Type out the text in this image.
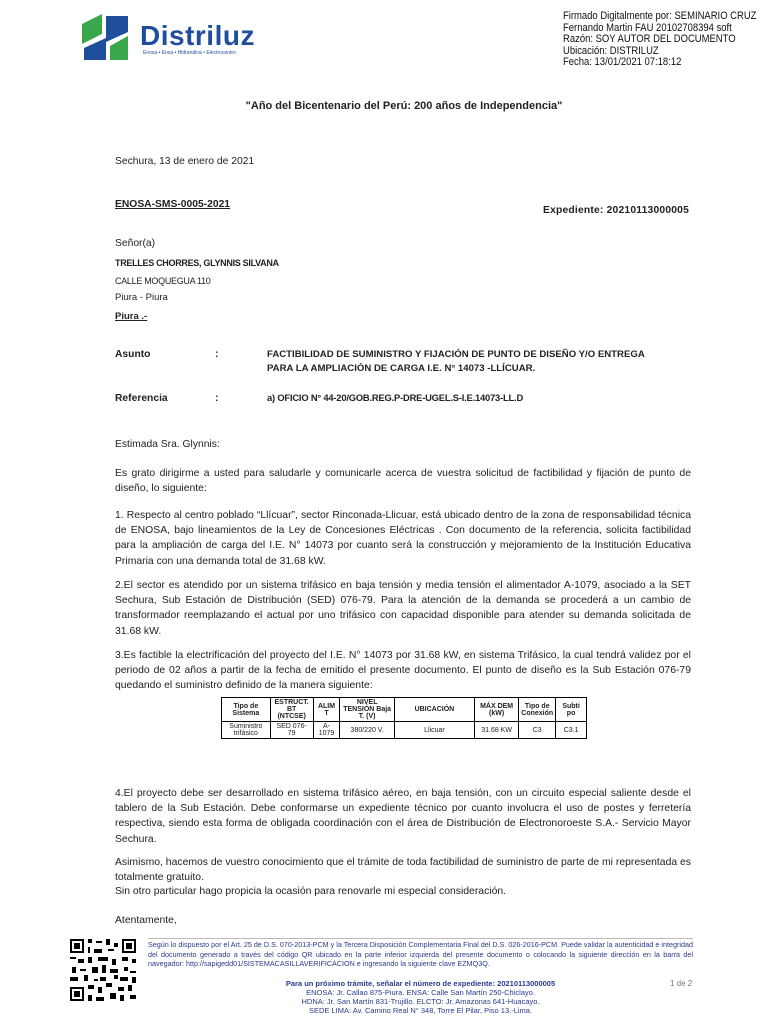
Distriluz
Enosa • Ensa • Hidrandina • Electrocentro
Firmado Digitalmente por: SEMINARIO CRUZ
Fernando Martin FAU 20102708394 soft
Razón: SOY AUTOR DEL DOCUMENTO
Ubicación: DISTRILUZ
Fecha: 13/01/2021 07:18:12
"Año del Bicentenario del Perú: 200 años de Independencia"
Sechura, 13 de enero de 2021
ENOSA-SMS-0005-2021
Expediente: 20210113000005
Señor(a)
TRELLES CHORRES, GLYNNIS SILVANA
CALLE MOQUEGUA 110
Piura - Piura
Piura .-
Asunto	:	FACTIBILIDAD DE SUMINISTRO Y FIJACIÓN DE PUNTO DE DISEÑO Y/O ENTREGA
PARA LA AMPLIACIÓN DE CARGA I.E. N° 14073 -LLÍCUAR.
Referencia	:	a) OFICIO N° 44-20/GOB.REG.P-DRE-UGEL.S-I.E.14073-LL.D
Estimada Sra. Glynnis:
Es grato dirigirme a usted para saludarle y comunicarle acerca de vuestra solicitud de factibilidad y fijación de punto de diseño, lo siguiente:
1. Respecto al centro poblado “Llícuar”, sector Rinconada-Llicuar, está ubicado dentro de la zona de responsabilidad técnica de ENOSA, bajo lineamientos de la Ley de Concesiones Eléctricas . Con documento de la referencia, solicita factibilidad para la ampliación de carga del I.E. N° 14073 por cuanto será la construcción y mejoramiento de la Institución Educativa Primaria con una demanda total de 31.68 kW.
2.El sector es atendido por un sistema trifásico en baja tensión y media tensión el alimentador A-1079, asociado a la SET Sechura, Sub Estación de Distribución (SED) 076-79. Para la atención de la demanda se procederá a un cambio de transformador reemplazando el actual por uno trifásico con capacidad disponible para atender su demanda solicitada de 31.68 kW.
3.Es factible la electrificación del proyecto del I.E. N° 14073 por 31.68 kW, en sistema Trifásico, la cual tendrá validez por el periodo de 02 años a partir de la fecha de emitido el presente documento. El punto de diseño es la Sub Estación 076-79 quedando el suministro definido de la manera siguiente:
Tipo de Sistema	ESTRUCT. BT (NTCSE)	ALIM T	NIVEL TENSIÓN Baja T. (V)	UBICACIÓN	MÁX DEM (kW)	Tipo de Conexión	Subti po
Suministro trifásico	SED 076-79	A-1079	380/220 V.	Llicuar	31.68 KW	C3	C3.1
4.El proyecto debe ser desarrollado en sistema trifásico aéreo, en baja tensión, con un circuito especial saliente desde el tablero de la Sub Estación. Debe conformarse un expediente técnico por cuanto involucra el uso de postes y ferretería respectiva, siendo esta forma de obligada coordinación con el área de Distribución de Electronoroeste S.A.- Servicio Mayor Sechura.
Asimismo, hacemos de vuestro conocimiento que el trámite de toda factibilidad de suministro de parte de mi representada es totalmente gratuito.
Sin otro particular hago propicia la ocasión para renovarle mi especial consideración.
Atentamente,
Según lo dispuesto por el Art. 25 de D.S. 070-2013-PCM y la Tercera Disposición Complementaria Final del D.S. 026-2016-PCM. Puede validar la autenticidad e integridad del documento generado a través del código QR ubicado en la parte inferior izquierda del presente documento o colocando la siguiente dirección en la barra del navegador: http://sapigedd01/SISTEMACASILLAVERIFICACION e ingresando la siguiente clave EZMQ3Q.
Para un próximo trámite, señalar el número de expediente: 20210113000005
ENOSA: Jr. Callao 875-Piura. ENSA: Calle San Martín 250-Chiclayo.
HDNA: Jr. San Martín 831-Trujillo. ELCTO: Jr. Amazonas 641-Huacayo.
SEDE LIMA: Av. Camino Real N° 348, Torre El Pilar, Piso 13.-Lima.
1 de 2
